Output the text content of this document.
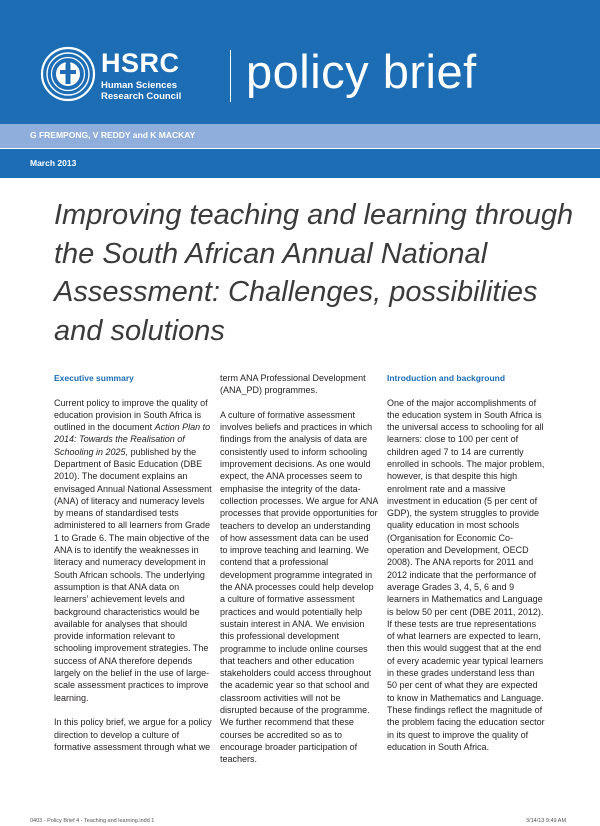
HSRC
Human Sciences
Research Council policy brief
G FREMPONG, V REDDY and K MACKAY
March 2013
Improving teaching and learning through the South African Annual National Assessment: Challenges, possibilities and solutions
Executive summary

Current policy to improve the quality of education provision in South Africa is outlined in the document Action Plan to 2014: Towards the Realisation of Schooling in 2025, published by the Department of Basic Education (DBE 2010). The document explains an envisaged Annual National Assessment (ANA) of literacy and numeracy levels by means of standardised tests administered to all learners from Grade 1 to Grade 6. The main objective of the ANA is to identify the weaknesses in literacy and numeracy development in South African schools. The underlying assumption is that ANA data on learners’ achievement levels and background characteristics would be available for analyses that should provide information relevant to schooling improvement strategies. The success of ANA therefore depends largely on the belief in the use of large-scale assessment practices to improve learning.

In this policy brief, we argue for a policy direction to develop a culture of formative assessment through what we

term ANA Professional Development (ANA_PD) programmes.

A culture of formative assessment involves beliefs and practices in which findings from the analysis of data are consistently used to inform schooling improvement decisions. As one would expect, the ANA processes seem to emphasise the integrity of the data-collection processes. We argue for ANA processes that provide opportunities for teachers to develop an understanding of how assessment data can be used to improve teaching and learning. We contend that a professional development programme integrated in the ANA processes could help develop a culture of formative assessment practices and would potentially help sustain interest in ANA. We envision this professional development programme to include online courses that teachers and other education stakeholders could access throughout the academic year so that school and classroom activities will not be disrupted because of the programme. We further recommend that these courses be accredited so as to encourage broader participation of teachers.

Introduction and background

One of the major accomplishments of the education system in South Africa is the universal access to schooling for all learners: close to 100 per cent of children aged 7 to 14 are currently enrolled in schools. The major problem, however, is that despite this high enrolment rate and a massive investment in education (5 per cent of GDP), the system struggles to provide quality education in most schools (Organisation for Economic Co-operation and Development, OECD 2008). The ANA reports for 2011 and 2012 indicate that the performance of average Grades 3, 4, 5, 6 and 9 learners in Mathematics and Language is below 50 per cent (DBE 2011, 2012). If these tests are true representations of what learners are expected to learn, then this would suggest that at the end of every academic year typical learners in these grades understand less than 50 per cent of what they are expected to know in Mathematics and Language. These findings reflect the magnitude of the problem facing the education sector in its quest to improve the quality of education in South Africa.

0403 - Policy Brief 4 - Teaching and learning.indd 1	3/14/13 9:49 AM
